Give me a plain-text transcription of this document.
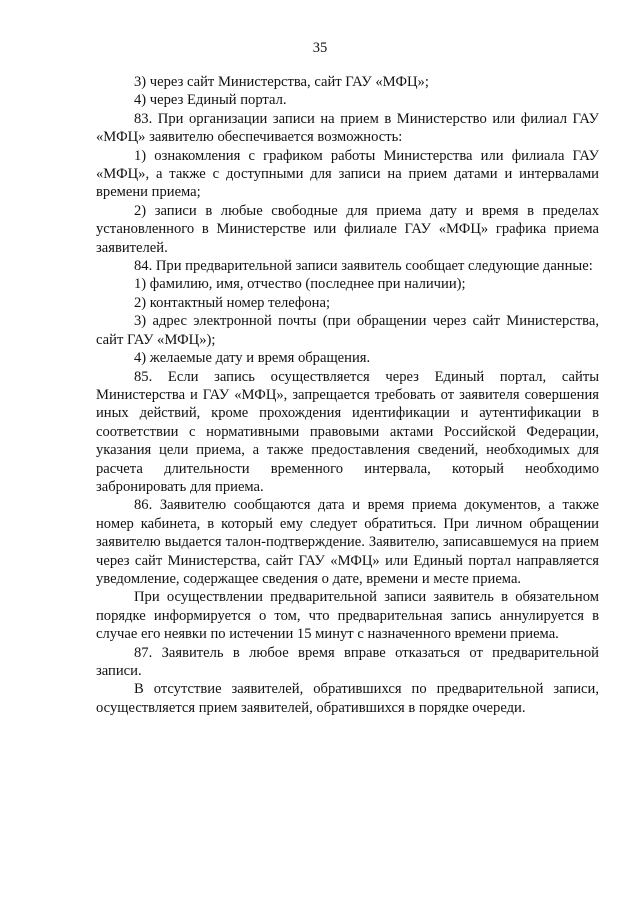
35

3) через сайт Министерства, сайт ГАУ «МФЦ»;

4) через Единый портал.

83. При организации записи на прием в Министерство или филиал ГАУ «МФЦ» заявителю обеспечивается возможность:

1) ознакомления с графиком работы Министерства или филиала ГАУ «МФЦ», а также с доступными для записи на прием датами и интервалами времени приема;

2) записи в любые свободные для приема дату и время в пределах установленного в Министерстве или филиале ГАУ «МФЦ» графика приема заявителей.

84. При предварительной записи заявитель сообщает следующие данные:

1) фамилию, имя, отчество (последнее при наличии);

2) контактный номер телефона;

3) адрес электронной почты (при обращении через сайт Министерства, сайт ГАУ «МФЦ»);

4) желаемые дату и время обращения.

85. Если запись осуществляется через Единый портал, сайты Министерства и ГАУ «МФЦ», запрещается требовать от заявителя совершения иных действий, кроме прохождения идентификации и аутентификации в соответствии с нормативными правовыми актами Российской Федерации, указания цели приема, а также предоставления сведений, необходимых для расчета длительности временного интервала, который необходимо забронировать для приема.

86. Заявителю сообщаются дата и время приема документов, а также номер кабинета, в который ему следует обратиться. При личном обращении заявителю выдается талон-подтверждение. Заявителю, записавшемуся на прием через сайт Министерства, сайт ГАУ «МФЦ» или Единый портал направляется уведомление, содержащее сведения о дате, времени и месте приема.

При осуществлении предварительной записи заявитель в обязательном порядке информируется о том, что предварительная запись аннулируется в случае его неявки по истечении 15 минут с назначенного времени приема.

87. Заявитель в любое время вправе отказаться от предварительной записи.

В отсутствие заявителей, обратившихся по предварительной записи, осуществляется прием заявителей, обратившихся в порядке очереди.
